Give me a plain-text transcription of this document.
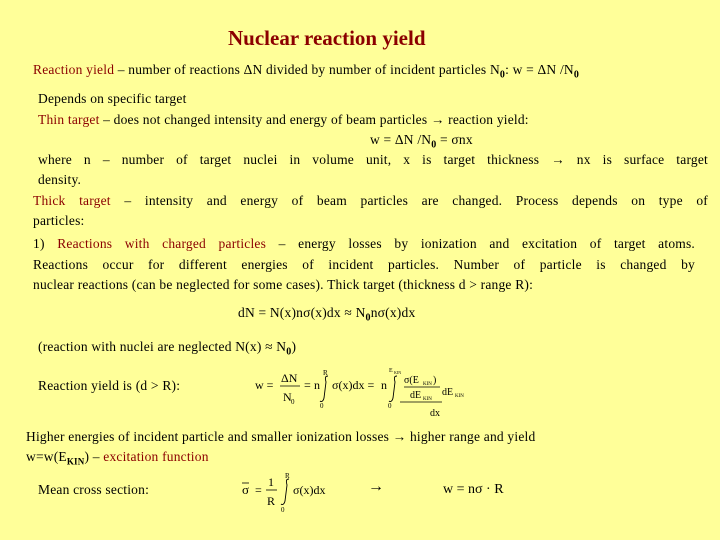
Nuclear reaction yield
Reaction yield – number of reactions ΔN divided by number of incident particles $N_0$: w = ΔN $/N_0$
Depends on specific target
Thin target – does not changed intensity and energy of beam particles → reaction yield:
w = ΔN $/N_0 = \sigma nx$
where n – number of target nuclei in volume unit, x is target thickness → nx is surface target
density.
Thick target – intensity and energy of beam particles are changed. Process depends on type of
particles:
1) Reactions with charged particles – energy losses by ionization and excitation of target atoms.
Reactions occur for different energies of incident particles. Number of particle is changed by
nuclear reactions (can be neglected for some cases). Thick target (thickness d > range R):
dN = $N(x)n\sigma(x)dx \approx N_0n\sigma(x)dx$
(reaction with nuclei are neglected $N(x) \approx N_0$)
Reaction yield is (d > R):	w = ΔN
N 0
= n
R
0
σ(x)dx = n
E KIN
0
σ(E KIN )
dE KIN
dx
dE KIN
Higher energies of incident particle and smaller ionization losses → higher range and yield
$w=w(E_{KIN})$ – excitation function
Mean cross section:	σ =
1
R
R
0
σ(x)dx	→	w = nσ · R
